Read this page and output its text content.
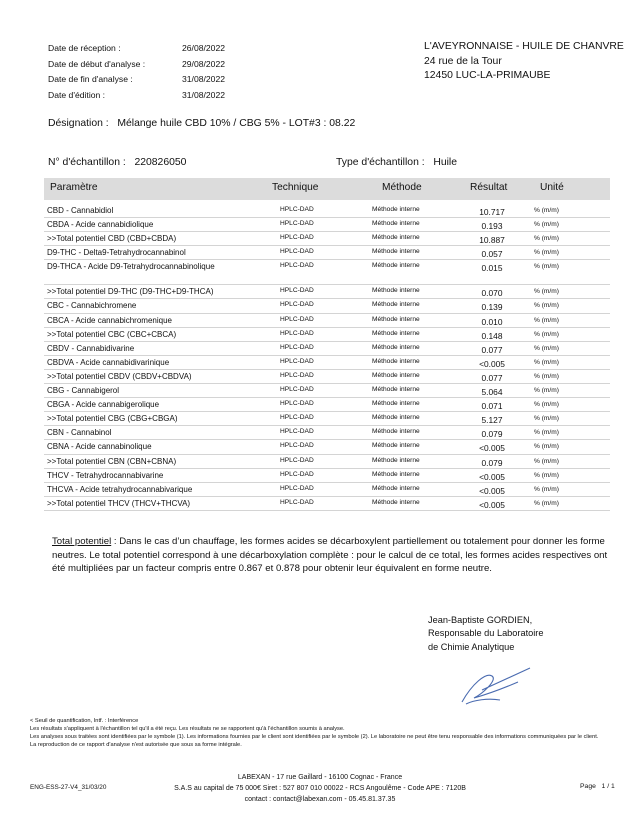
Date de réception :	26/08/2022
Date de début d'analyse :	29/08/2022
Date de fin d'analyse :	31/08/2022
Date d'édition :	31/08/2022
L'AVEYRONNAISE - HUILE DE CHANVRE
24 rue de la Tour
12450 LUC-LA-PRIMAUBE
Désignation : Mélange huile CBD 10% / CBG 5% - LOT#3 : 08.22
N° d'échantillon : 220826050	Type d'échantillon : Huile
Paramètre	Technique	Méthode	Résultat	Unité
CBD - Cannabidiol	HPLC-DAD	Méthode interne	10.717	% (m/m)
CBDA - Acide cannabidiolique	HPLC-DAD	Méthode interne	0.193	% (m/m)
>>Total potentiel CBD (CBD+CBDA)	HPLC-DAD	Méthode interne	10.887	% (m/m)
D9-THC - Delta9-Tetrahydrocannabinol	HPLC-DAD	Méthode interne	0.057	% (m/m)
D9-THCA - Acide D9-Tetrahydrocannabinolique	HPLC-DAD	Méthode interne	0.015	% (m/m)
>>Total potentiel D9-THC (D9-THC+D9-THCA)	HPLC-DAD	Méthode interne	0.070	% (m/m)
CBC - Cannabichromene	HPLC-DAD	Méthode interne	0.139	% (m/m)
CBCA - Acide cannabichromenique	HPLC-DAD	Méthode interne	0.010	% (m/m)
>>Total potentiel CBC (CBC+CBCA)	HPLC-DAD	Méthode interne	0.148	% (m/m)
CBDV - Cannabidivarine	HPLC-DAD	Méthode interne	0.077	% (m/m)
CBDVA - Acide cannabidivarinique	HPLC-DAD	Méthode interne	<0.005	% (m/m)
>>Total potentiel CBDV (CBDV+CBDVA)	HPLC-DAD	Méthode interne	0.077	% (m/m)
CBG - Cannabigerol	HPLC-DAD	Méthode interne	5.064	% (m/m)
CBGA - Acide cannabigerolique	HPLC-DAD	Méthode interne	0.071	% (m/m)
>>Total potentiel CBG (CBG+CBGA)	HPLC-DAD	Méthode interne	5.127	% (m/m)
CBN - Cannabinol	HPLC-DAD	Méthode interne	0.079	% (m/m)
CBNA - Acide cannabinolique	HPLC-DAD	Méthode interne	<0.005	% (m/m)
>>Total potentiel CBN (CBN+CBNA)	HPLC-DAD	Méthode interne	0.079	% (m/m)
THCV - Tetrahydrocannabivarine	HPLC-DAD	Méthode interne	<0.005	% (m/m)
THCVA - Acide tetrahydrocannabivarique	HPLC-DAD	Méthode interne	<0.005	% (m/m)
>>Total potentiel THCV (THCV+THCVA)	HPLC-DAD	Méthode interne	<0.005	% (m/m)
Total potentiel : Dans le cas d’un chauffage, les formes acides se décarboxylent partiellement ou totalement pour donner les forme neutres. Le total potentiel correspond à une décarboxylation complète : pour le calcul de ce total, les formes acides respectives ont été multipliées par un facteur compris entre 0.867 et 0.878 pour obtenir leur équivalent en forme neutre.
Jean-Baptiste GORDIEN,
Responsable du Laboratoire
de Chimie Analytique
< Seuil de quantification, Intf. : Interférence
Les résultats s'appliquent à l'échantillon tel qu'il a été reçu. Les résultats ne se rapportent qu'à l'échantillon soumis à analyse.
Les analyses sous traitées sont identifiées par le symbole (1). Les informations fournies par le client sont identifiées par le symbole (2). Le laboratoire ne peut être tenu responsable des informations communiquées par le client.
La reproduction de ce rapport d'analyse n'est autorisée que sous sa forme intégrale.
LABEXAN - 17 rue Gaillard - 16100 Cognac - France
S.A.S au capital de 75 000€ Siret : 527 807 010 00022 - RCS Angoulême - Code APE : 7120B
contact : contact@labexan.com - 05.45.81.37.35
ENG-ESS-27-V4_31/03/20	Page 1 / 1
